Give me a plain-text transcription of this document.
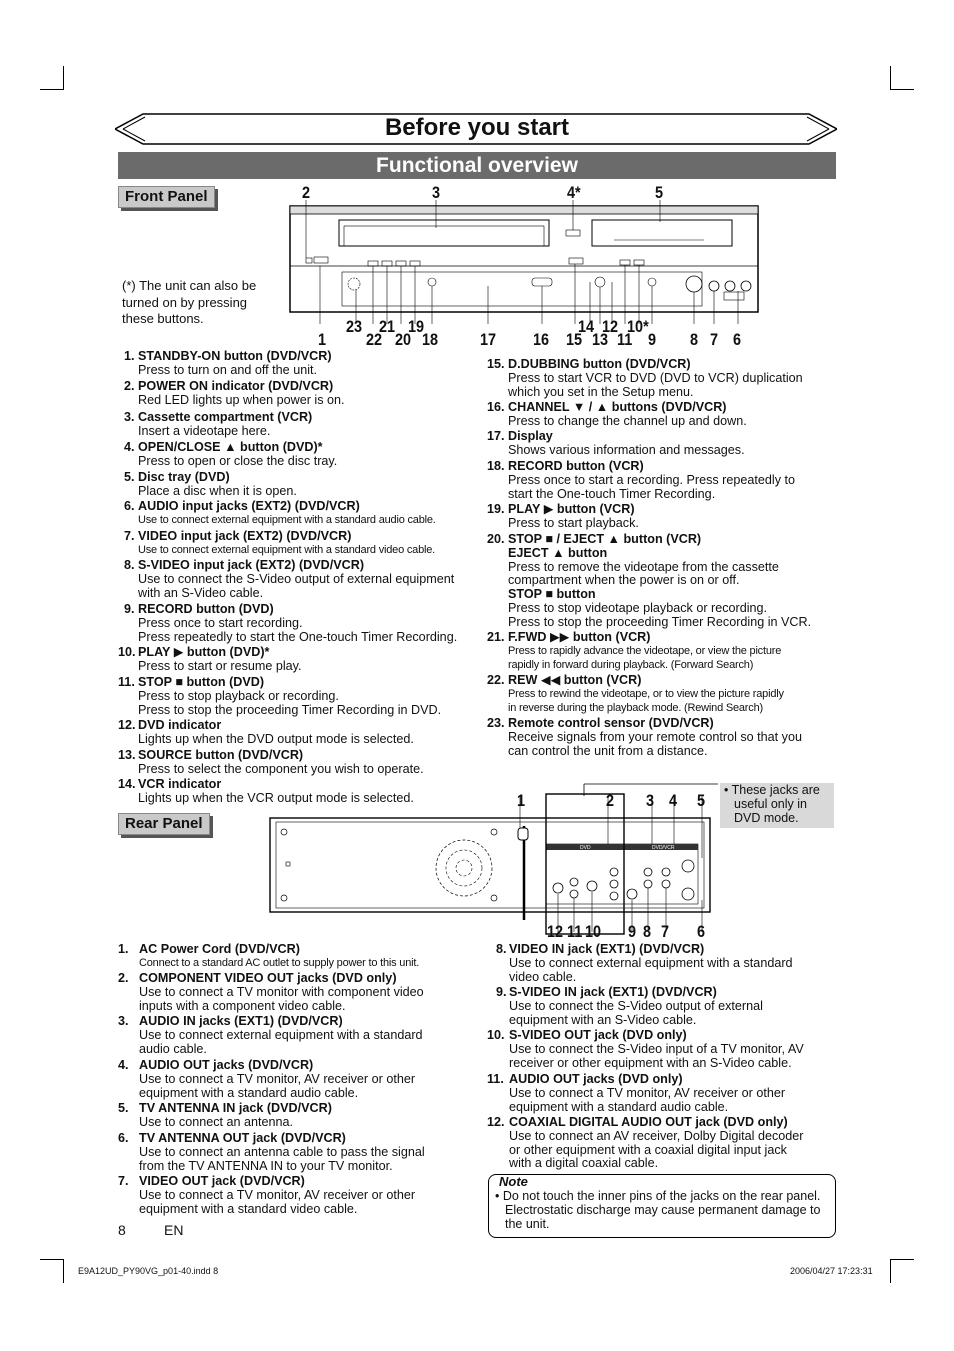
Before you start
Functional overview
Front Panel	2	3	4*	5
23 21 19
17 16
14 12 10*
9 8 7 6
1 22 20 18	15 13 11
(*) The unit can also be turned on by pressing these buttons.
1. STANDBY-ON button (DVD/VCR)
Press to turn on and off the unit.
2. POWER ON indicator (DVD/VCR)
Red LED lights up when power is on.
3. Cassette compartment (VCR)
Insert a videotape here.
4. OPEN/CLOSE ▲ button (DVD)*
Press to open or close the disc tray.
5. Disc tray (DVD)
Place a disc when it is open.
6. AUDIO input jacks (EXT2) (DVD/VCR)
Use to connect external equipment with a standard audio cable.
7. VIDEO input jack (EXT2) (DVD/VCR)
Use to connect external equipment with a standard video cable.
8. S-VIDEO input jack (EXT2) (DVD/VCR)
Use to connect the S-Video output of external equipment
with an S-Video cable.
9. RECORD button (DVD)
Press once to start recording.
Press repeatedly to start the One-touch Timer Recording.
10. PLAY ▶ button (DVD)*
Press to start or resume play.
11. STOP ■ button (DVD)
Press to stop playback or recording.
Press to stop the proceeding Timer Recording in DVD.
12. DVD indicator
Lights up when the DVD output mode is selected.
13. SOURCE button (DVD/VCR)
Press to select the component you wish to operate.
14. VCR indicator
Lights up when the VCR output mode is selected.
15. D.DUBBING button (DVD/VCR)
Press to start VCR to DVD (DVD to VCR) duplication
which you set in the Setup menu.
16. CHANNEL ▼ / ▲ buttons (DVD/VCR)
Press to change the channel up and down.
17. Display
Shows various information and messages.
18. RECORD button (VCR)
Press once to start a recording. Press repeatedly to
start the One-touch Timer Recording.
19. PLAY ▶ button (VCR)
Press to start playback.
20. STOP ■ / EJECT ▲ button (VCR)
EJECT ▲ button
Press to remove the videotape from the cassette
compartment when the power is on or off.
STOP ■ button
Press to stop videotape playback or recording.
Press to stop the proceeding Timer Recording in VCR.
21. F.FWD ▶▶ button (VCR)
Press to rapidly advance the videotape, or view the picture
rapidly in forward during playback. (Forward Search)
22. REW ◀◀ button (VCR)
Press to rewind the videotape, or to view the picture rapidly
in reverse during the playback mode. (Rewind Search)
23. Remote control sensor (DVD/VCR)
Receive signals from your remote control so that you
can control the unit from a distance.
Rear Panel
1	2 3 4 5
• These jacks are useful only in DVD mode.
DVD	DVD/VCR
12 11 10 9 8 7 6
1. AC Power Cord (DVD/VCR)
Connect to a standard AC outlet to supply power to this unit.
2. COMPONENT VIDEO OUT jacks (DVD only)
Use to connect a TV monitor with component video
inputs with a component video cable.
3. AUDIO IN jacks (EXT1) (DVD/VCR)
Use to connect external equipment with a standard
audio cable.
4. AUDIO OUT jacks (DVD/VCR)
Use to connect a TV monitor, AV receiver or other
equipment with a standard audio cable.
5. TV ANTENNA IN jack (DVD/VCR)
Use to connect an antenna.
6. TV ANTENNA OUT jack (DVD/VCR)
Use to connect an antenna cable to pass the signal
from the TV ANTENNA IN to your TV monitor.
7. VIDEO OUT jack (DVD/VCR)
Use to connect a TV monitor, AV receiver or other
equipment with a standard video cable.
8. VIDEO IN jack (EXT1) (DVD/VCR)
Use to connect external equipment with a standard
video cable.
9. S-VIDEO IN jack (EXT1) (DVD/VCR)
Use to connect the S-Video output of external
equipment with an S-Video cable.
10. S-VIDEO OUT jack (DVD only)
Use to connect the S-Video input of a TV monitor, AV
receiver or other equipment with an S-Video cable.
11. AUDIO OUT jacks (DVD only)
Use to connect a TV monitor, AV receiver or other
equipment with a standard audio cable.
12. COAXIAL DIGITAL AUDIO OUT jack (DVD only)
Use to connect an AV receiver, Dolby Digital decoder
or other equipment with a coaxial digital input jack
with a digital coaxial cable.
Note
• Do not touch the inner pins of the jacks on the rear panel. Electrostatic discharge may cause permanent damage to the unit.
8	EN
E9A12UD_PY90VG_p01-40.indd 8	2006/04/27 17:23:31
